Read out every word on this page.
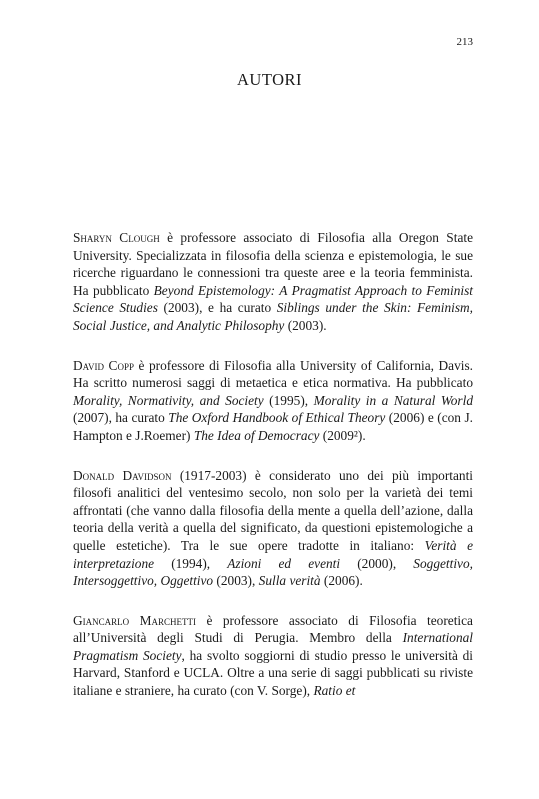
213
AUTORI

Sharyn Clough è professore associato di Filosofia alla Oregon State University. Specializzata in filosofia della scienza e epistemologia, le sue ricerche riguardano le connessioni tra queste aree e la teoria femminista. Ha pubblicato Beyond Epistemology: A Pragmatist Approach to Feminist Science Studies (2003), e ha curato Siblings under the Skin: Feminism, Social Justice, and Analytic Philosophy (2003).

David Copp è professore di Filosofia alla University of California, Davis. Ha scritto numerosi saggi di metaetica e etica normativa. Ha pubblicato Morality, Normativity, and Society (1995), Morality in a Natural World (2007), ha curato The Oxford Handbook of Ethical Theory (2006) e (con J. Hampton e J.Roemer) The Idea of Democracy (2009²).

Donald Davidson (1917-2003) è considerato uno dei più importanti filosofi analitici del ventesimo secolo, non solo per la varietà dei temi affrontati (che vanno dalla filosofia della mente a quella dell’azione, dalla teoria della verità a quella del significato, da questioni epistemologiche a quelle estetiche). Tra le sue opere tradotte in italiano: Verità e interpretazione (1994), Azioni ed eventi (2000), Soggettivo, Intersoggettivo, Oggettivo (2003), Sulla verità (2006).

Giancarlo Marchetti è professore associato di Filosofia teoretica all’Università degli Studi di Perugia. Membro della International Pragmatism Society, ha svolto soggiorni di studio presso le università di Harvard, Stanford e UCLA. Oltre a una serie di saggi pubblicati su riviste italiane e straniere, ha curato (con V. Sorge), Ratio et
